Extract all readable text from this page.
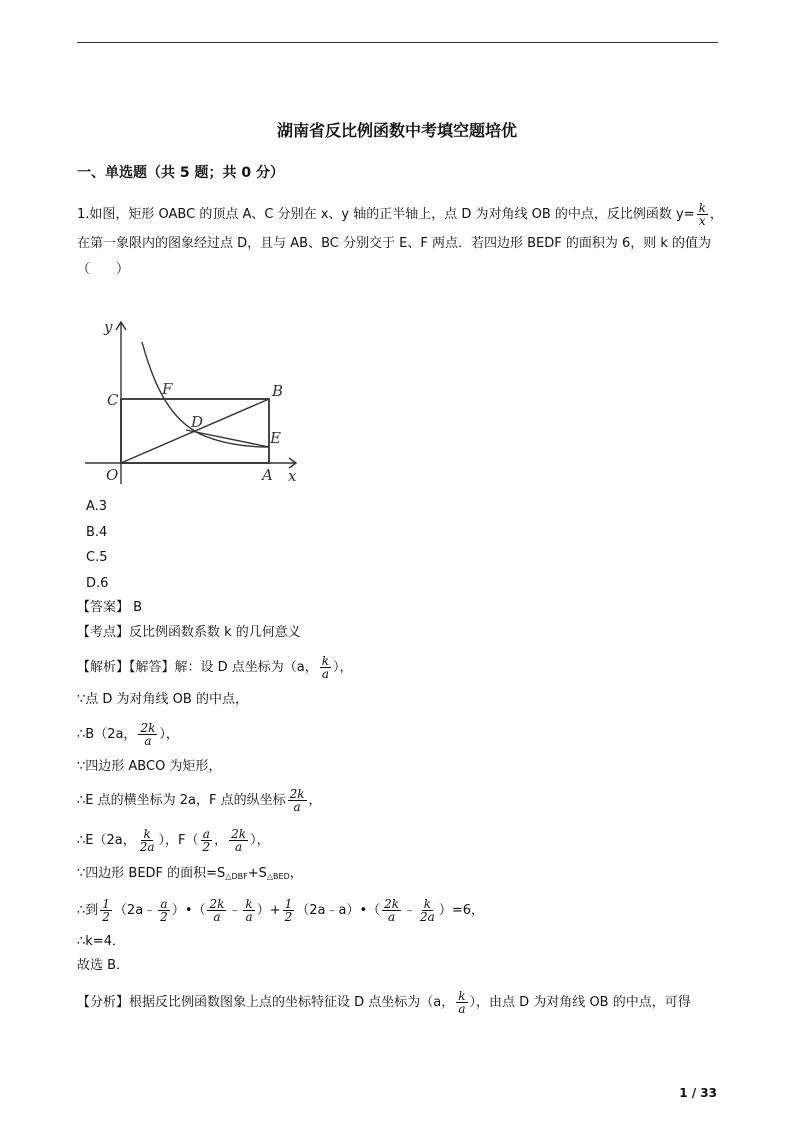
湖南省反比例函数中考填空题培优
一、单选题（共 5 题；共 0 分）
1.如图，矩形 OABC 的顶点 A、C 分别在 x、y 轴的正半轴上，点 D 为对角线 OB 的中点，反比例函数 $y= \frac{k}{x}$ ，
在第一象限内的图象经过点 D，且与 AB、BC 分别交于 E、F 两点．若四边形 BEDF 的面积为 6，则 k 的值为
（　　）
y
x
C
F	B
D
E
O	A
A.3
B.4
C.5
D.6
【答案】 B
【考点】反比例函数系数 k 的几何意义
【解析】【解答】解：设 D 点坐标为（a， $\frac{k}{a}$ ），
∵点 D 为对角线 OB 的中点，
∴B（2a， $\frac{2k}{a}$ ），
∵四边形 ABCO 为矩形，
∴E 点的横坐标为 2a，F 点的纵坐标 $\frac{2k}{a}$ ，
∴E（2a， $\frac{k}{2a}$ ），$F( \frac{a}{2}$ ， $\frac{2k}{a}$ ），
∵四边形 BEDF 的面积$=S_{\triangle DBF}+S_{\triangle BED}$，
∴到 $\frac{1}{2}$ （2a﹣ $\frac{a}{2}$ ）•（ $\frac{2k}{a}$ ﹣ $\frac{k}{a}$ ）+ $\frac{1}{2}$ （2a﹣a）•（ $\frac{2k}{a}$ ﹣ $\frac{k}{2a} )=6$，
∴k=4．
故选 B．
【分析】根据反比例函数图象上点的坐标特征设 D 点坐标为（a， $\frac{k}{a}$ ），由点 D 为对角线 OB 的中点，可得
1 / 33
